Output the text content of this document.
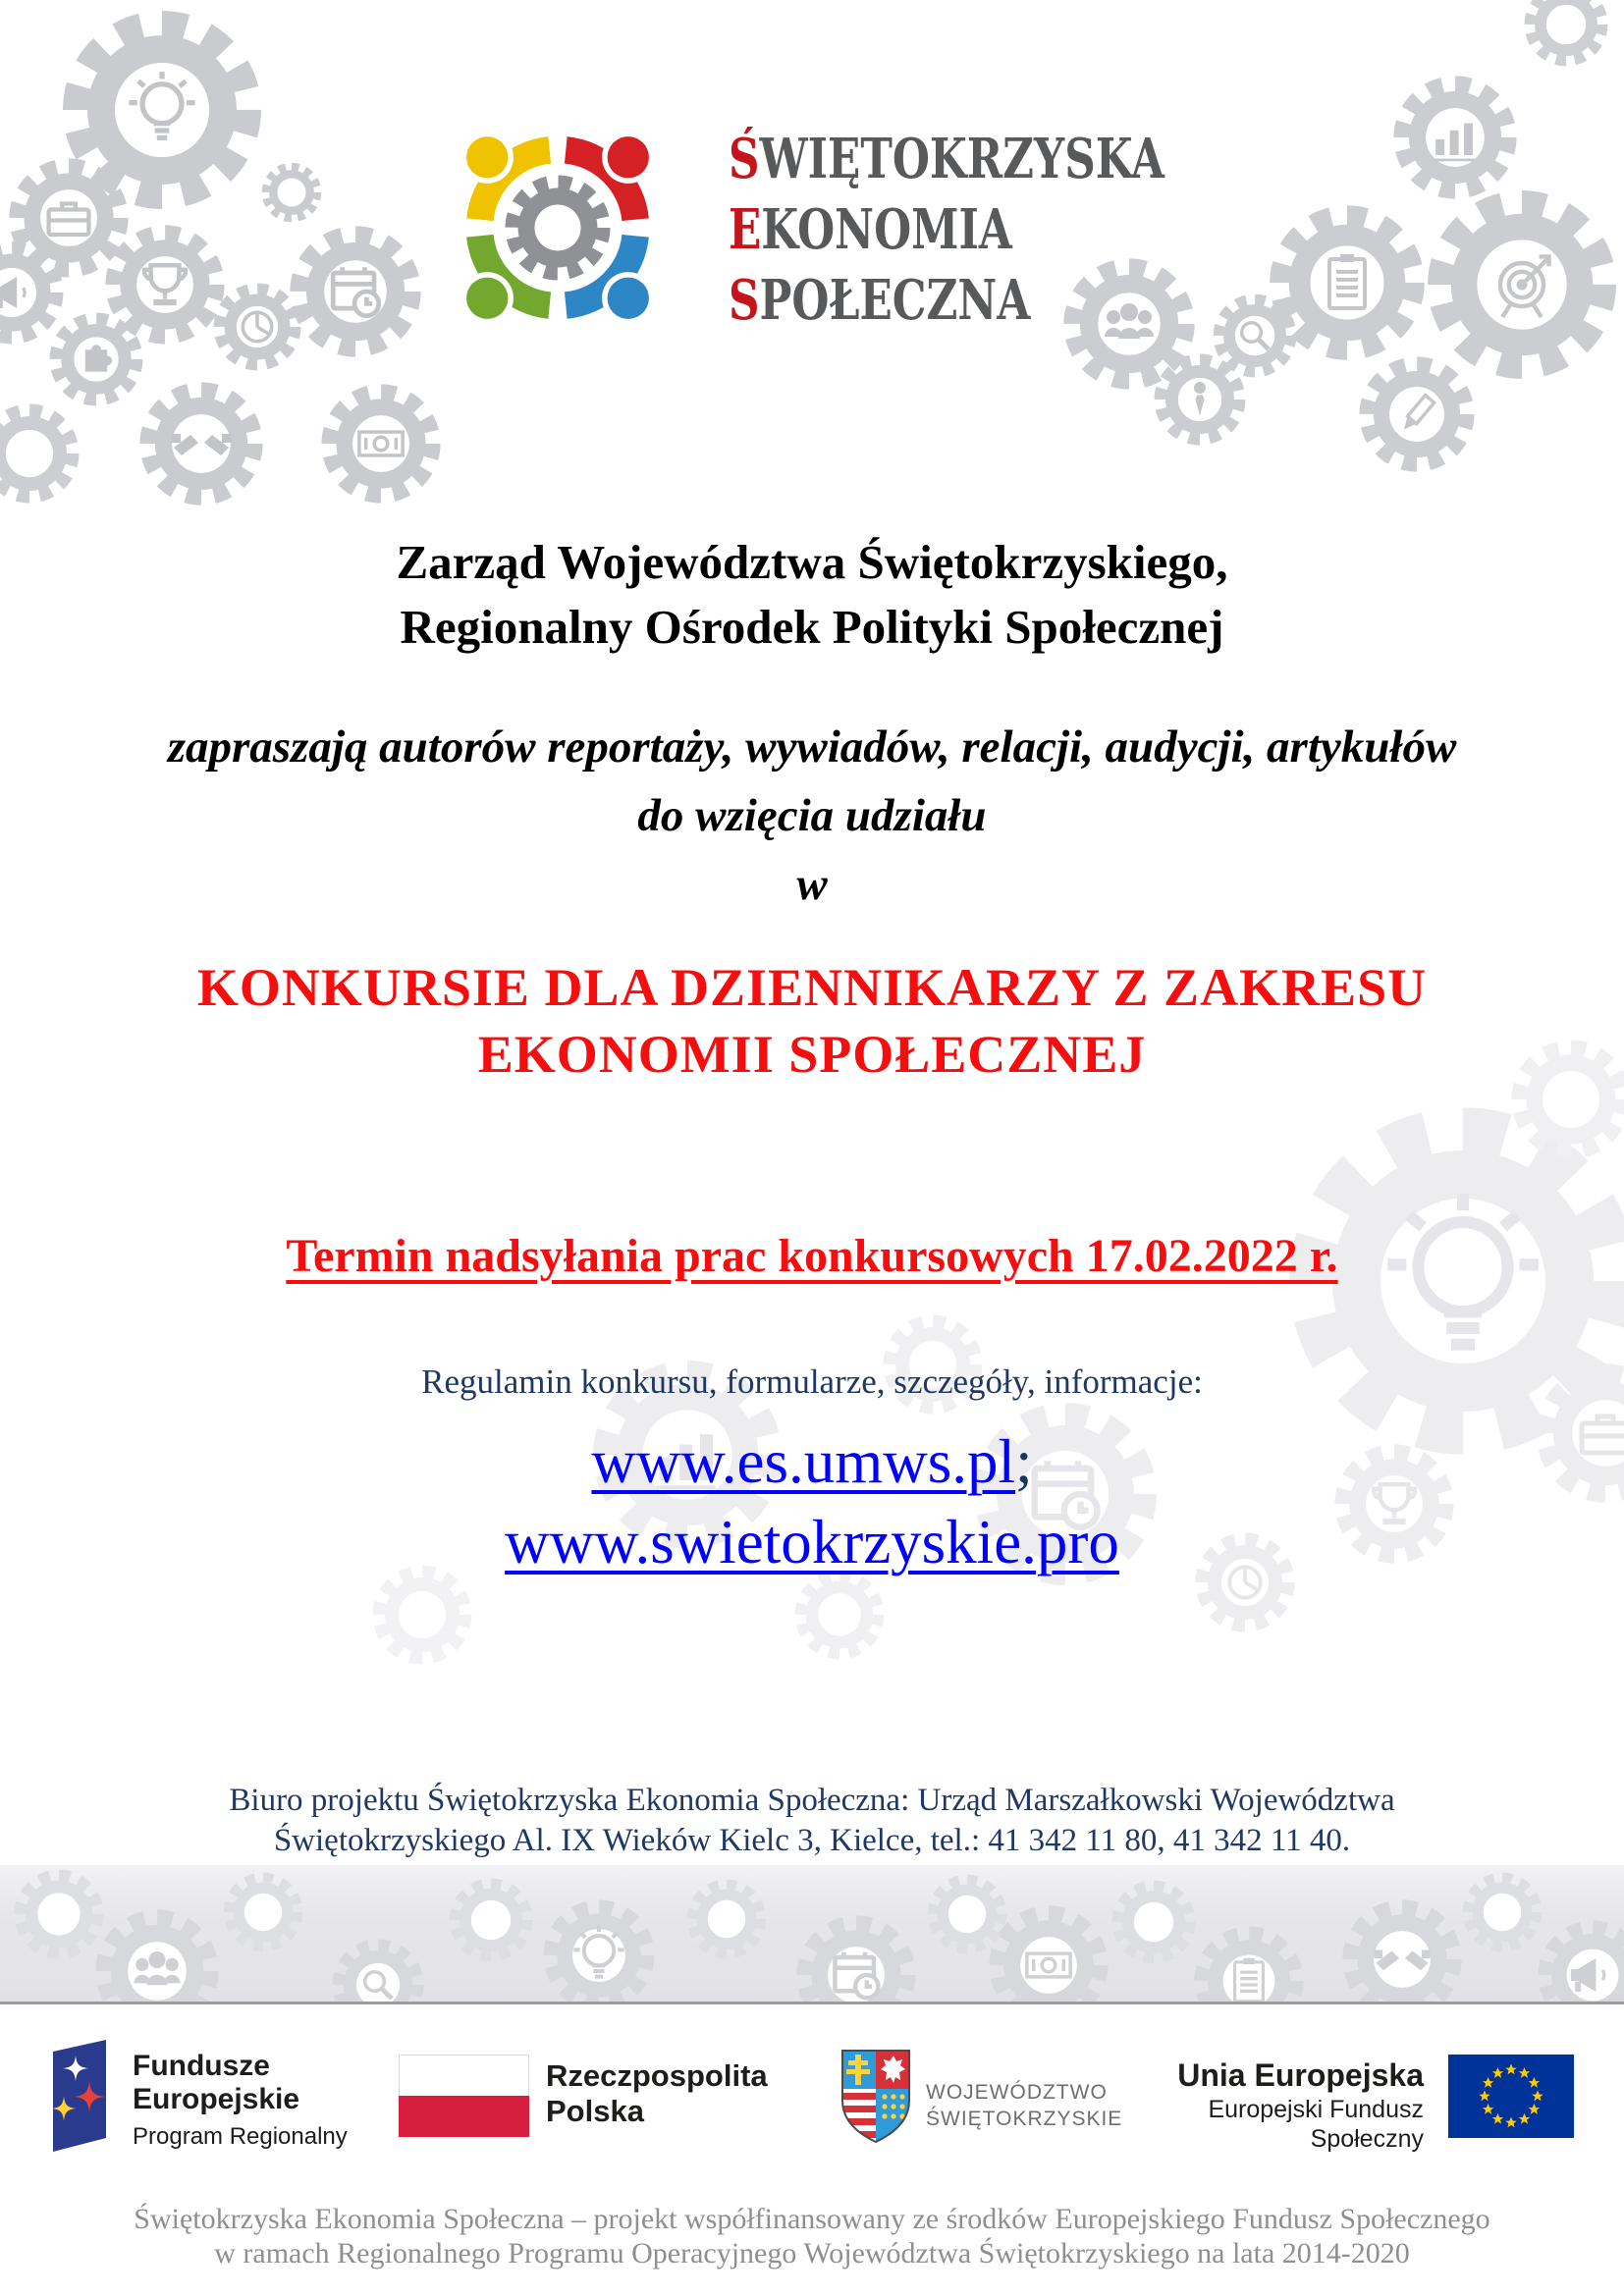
ŚWIĘTOKRZYSKA
EKONOMIA
SPOŁECZNA
Zarząd Województwa Świętokrzyskiego,
Regionalny Ośrodek Polityki Społecznej
zapraszają autorów reportaży, wywiadów, relacji, audycji, artykułów
do wzięcia udziału
w
KONKURSIE DLA DZIENNIKARZY Z ZAKRESU
EKONOMII SPOŁECZNEJ
Termin nadsyłania prac konkursowych 17.02.2022 r.
Regulamin konkursu, formularze, szczegóły, informacje:
www.es.umws.pl;
www.swietokrzyskie.pro
Biuro projektu Świętokrzyska Ekonomia Społeczna: Urząd Marszałkowski Województwa
Świętokrzyskiego Al. IX Wieków Kielc 3, Kielce, tel.: 41 342 11 80, 41 342 11 40.
Fundusze
Europejskie
Program Regionalny
Rzeczpospolita
Polska
WOJEWÓDZTWO
ŚWIĘTOKRZYSKIE
Unia Europejska
Europejski Fundusz Społeczny
Świętokrzyska Ekonomia Społeczna – projekt współfinansowany ze środków Europejskiego Fundusz Społecznego
w ramach Regionalnego Programu Operacyjnego Województwa Świętokrzyskiego na lata 2014-2020
